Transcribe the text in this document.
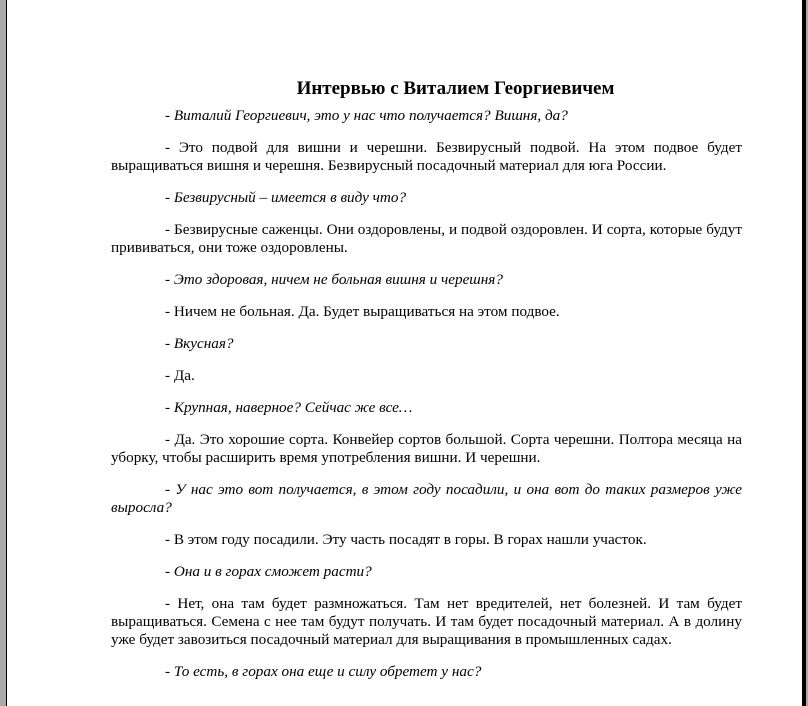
Интервью с Виталием Георгиевичем

- Виталий Георгиевич, это у нас что получается? Вишня, да?

- Это подвой для вишни и черешни. Безвирусный подвой. На этом подвое будет выращиваться вишня и черешня. Безвирусный посадочный материал для юга России.

- Безвирусный – имеется в виду что?

- Безвирусные саженцы. Они оздоровлены, и подвой оздоровлен. И сорта, которые будут прививаться, они тоже оздоровлены.

- Это здоровая, ничем не больная вишня и черешня?

- Ничем не больная. Да. Будет выращиваться на этом подвое.

- Вкусная?

- Да.

- Крупная, наверное? Сейчас же все…

- Да. Это хорошие сорта. Конвейер сортов большой. Сорта черешни. Полтора месяца на уборку, чтобы расширить время употребления вишни. И черешни.

- У нас это вот получается, в этом году посадили, и она вот до таких размеров уже выросла?

- В этом году посадили. Эту часть посадят в горы. В горах нашли участок.

- Она и в горах сможет расти?

- Нет, она там будет размножаться. Там нет вредителей, нет болезней. И там будет выращиваться. Семена с нее там будут получать. И там будет посадочный материал. А в долину уже будет завозиться посадочный материал для выращивания в промышленных садах.

- То есть, в горах она еще и силу обретет у нас?
